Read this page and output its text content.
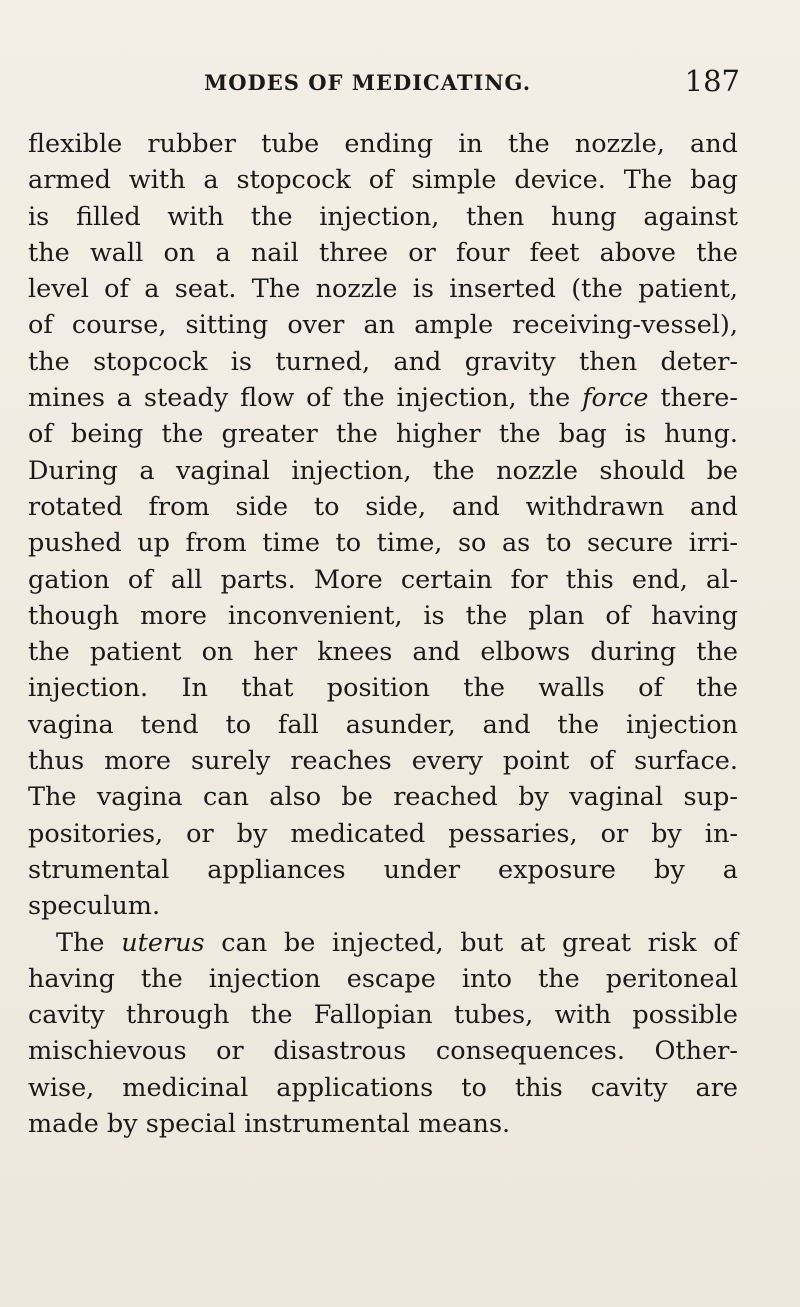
MODES OF MEDICATING.	187
flexible rubber tube ending in the nozzle, and
armed with a stopcock of simple device. The bag
is filled with the injection, then hung against
the wall on a nail three or four feet above the
level of a seat. The nozzle is inserted (the patient,
of course, sitting over an ample receiving-vessel),
the stopcock is turned, and gravity then deter-
mines a steady flow of the injection, the force there-
of being the greater the higher the bag is hung.
During a vaginal injection, the nozzle should be
rotated from side to side, and withdrawn and
pushed up from time to time, so as to secure irri-
gation of all parts. More certain for this end, al-
though more inconvenient, is the plan of having
the patient on her knees and elbows during the
injection. In that position the walls of the
vagina tend to fall asunder, and the injection
thus more surely reaches every point of surface.
The vagina can also be reached by vaginal sup-
positories, or by medicated pessaries, or by in-
strumental appliances under exposure by a
speculum.
The uterus can be injected, but at great risk of
having the injection escape into the peritoneal
cavity through the Fallopian tubes, with possible
mischievous or disastrous consequences. Other-
wise, medicinal applications to this cavity are
made by special instrumental means.
